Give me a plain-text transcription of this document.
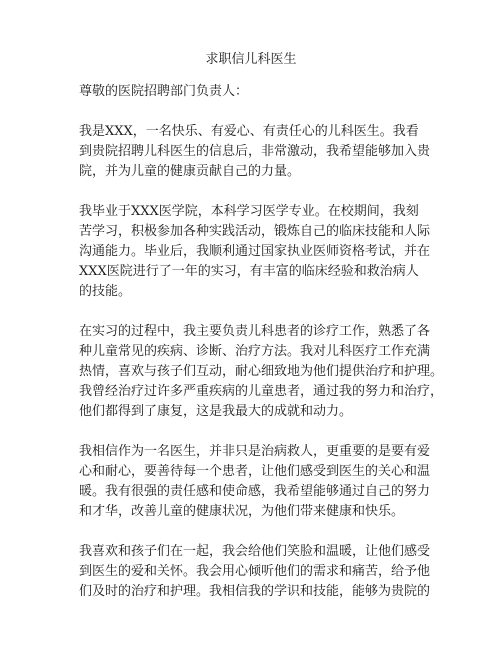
求职信儿科医生
尊敬的医院招聘部门负责人：
我是XXX，一名快乐、有爱心、有责任心的儿科医生。我看
到贵院招聘儿科医生的信息后，非常激动，我希望能够加入贵
院，并为儿童的健康贡献自己的力量。
我毕业于XXX医学院，本科学习医学专业。在校期间，我刻
苦学习，积极参加各种实践活动，锻炼自己的临床技能和人际
沟通能力。毕业后，我顺利通过国家执业医师资格考试，并在
XXX医院进行了一年的实习，有丰富的临床经验和救治病人
的技能。
在实习的过程中，我主要负责儿科患者的诊疗工作，熟悉了各
种儿童常见的疾病、诊断、治疗方法。我对儿科医疗工作充满
热情，喜欢与孩子们互动，耐心细致地为他们提供治疗和护理。
我曾经治疗过许多严重疾病的儿童患者，通过我的努力和治疗，
他们都得到了康复，这是我最大的成就和动力。
我相信作为一名医生，并非只是治病救人，更重要的是要有爱
心和耐心，要善待每一个患者，让他们感受到医生的关心和温
暖。我有很强的责任感和使命感，我希望能够通过自己的努力
和才华，改善儿童的健康状况，为他们带来健康和快乐。
我喜欢和孩子们在一起，我会给他们笑脸和温暖，让他们感受
到医生的爱和关怀。我会用心倾听他们的需求和痛苦，给予他
们及时的治疗和护理。我相信我的学识和技能，能够为贵院的
